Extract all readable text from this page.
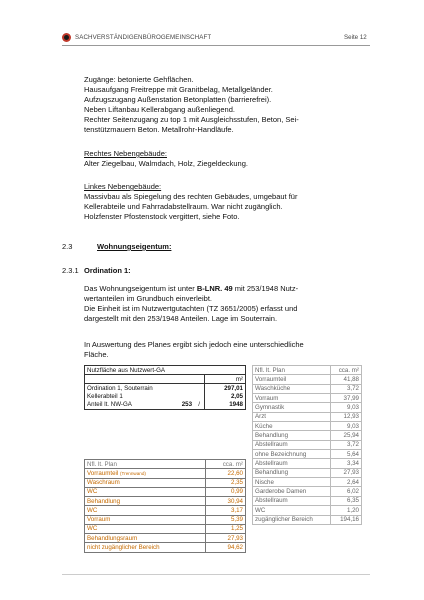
SACHVERSTÄNDIGENBÜROGEMEINSCHAFT	Seite 12
Zugänge: betonierte Gehflächen.
Hausaufgang Freitreppe mit Granitbelag, Metallgeländer.
Aufzugszugang Außenstation Betonplatten (barrierefrei).
Neben Liftanbau Kellerabgang außenliegend.
Rechter Seitenzugang zu top 1 mit Ausgleichsstufen, Beton, Sei-
tenstützmauern Beton. Metallrohr-Handläufe.
Rechtes Nebengebäude:
Alter Ziegelbau, Walmdach, Holz, Ziegeldeckung.
Linkes Nebengebäude:
Massivbau als Spiegelung des rechten Gebäudes, umgebaut für
Kellerabteile und Fahrradabstellraum. War nicht zugänglich.
Holzfenster Pfostenstock vergittert, siehe Foto.
2.3	Wohnungseigentum:
2.3.1 Ordination 1:
Das Wohnungseigentum ist unter B-LNR. 49 mit 253/1948 Nutz-
wertanteilen im Grundbuch einverleibt.
Die Einheit ist im Nutzwertgutachten (TZ 3651/2005) erfasst und
dargestellt mit den 253/1948 Anteilen. Lage im Souterrain.
In Auswertung des Planes ergibt sich jedoch eine unterschiedliche
Fläche.
Nutzfläche aus Nutzwert-GA			
			m²
Ordination 1, Souterrain			297,01
Kellerabteil 1			2,05
Anteil lt. NW-GA	253	/	1948
Nfl. lt. Plan	cca. m²
Vorraumteil (Trennwand)	22,60
Waschraum	2,35
WC	0,99
Behandlung	30,94
WC	3,17
Vorraum	5,39
WC	1,25
Behandlungsraum	27,93
nicht zugänglicher Bereich	94,62
Nfl. lt. Plan	cca. m²
Vorraumteil	41,88
Waschküche	3,72
Vorraum	37,99
Gymnastik	9,03
Arzt	12,93
Küche	9,03
Behandlung	25,94
Abstellraum	3,72
ohne Bezeichnung	5,64
Abstellraum	3,34
Behandlung	27,93
Nische	2,64
Garderobe Damen	6,02
Abstellraum	6,35
WC	1,20
zugänglicher Bereich	194,16
